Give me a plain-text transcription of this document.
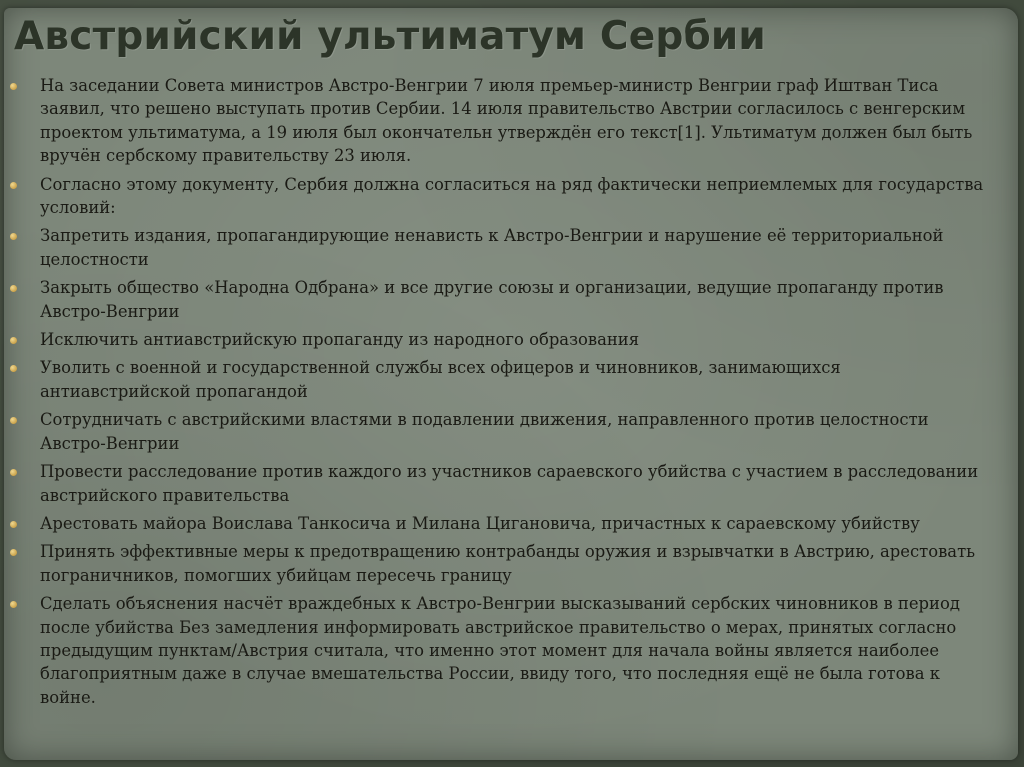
Австрийский ультиматум Сербии
На заседании Совета министров Австро-Венгрии 7 июля премьер-министр Венгрии граф Иштван Тиса заявил, что решено выступать против Сербии. 14 июля правительство Австрии согласилось с венгерским проектом ультиматума, а 19 июля был окончательн утверждён его текст[1]. Ультиматум должен был быть вручён сербскому правительству 23 июля.
Согласно этому документу, Сербия должна согласиться на ряд фактически неприемлемых для государства условий:
Запретить издания, пропагандирующие ненависть к Австро-Венгрии и нарушение её территориальной целостности
Закрыть общество «Народна Одбрана» и все другие союзы и организации, ведущие пропаганду против Австро-Венгрии
Исключить антиавстрийскую пропаганду из народного образования
Уволить с военной и государственной службы всех офицеров и чиновников, занимающихся антиавстрийской пропагандой
Сотрудничать с австрийскими властями в подавлении движения, направленного против целостности Австро-Венгрии
Провести расследование против каждого из участников сараевского убийства с участием в расследовании австрийского правительства
Арестовать майора Воислава Танкосича и Милана Цигановича, причастных к сараевскому убийству
Принять эффективные меры к предотвращению контрабанды оружия и взрывчатки в Австрию, арестовать пограничников, помогших убийцам пересечь границу
Сделать объяснения насчёт враждебных к Австро-Венгрии высказываний сербских чиновников в период после убийства Без замедления информировать австрийское правительство о мерах, принятых согласно предыдущим пунктам/Австрия считала, что именно этот момент для начала войны является наиболее благоприятным даже в случае вмешательства России, ввиду того, что последняя ещё не была готова к войне.
